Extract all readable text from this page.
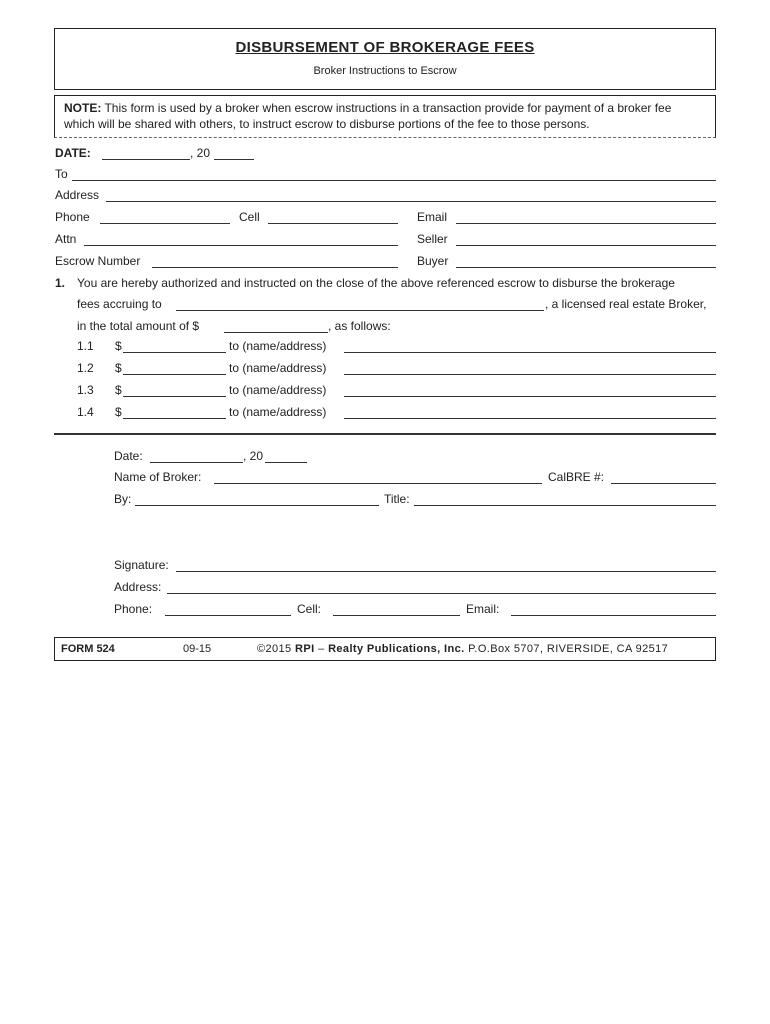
DISBURSEMENT OF BROKERAGE FEES
Broker Instructions to Escrow
NOTE: This form is used by a broker when escrow instructions in a transaction provide for payment of a broker fee
which will be shared with others, to instruct escrow to disburse portions of the fee to those persons.
DATE:	, 20
To
Address
Phone	Cell	Email
Attn	Seller
Escrow Number	Buyer
1. You are hereby authorized and instructed on the close of the above referenced escrow to disburse the brokerage
fees accruing to	, a licensed real estate Broker,
in the total amount of $	, as follows:
1.1 $	to (name/address)
1.2 $	to (name/address)
1.3 $	to (name/address)
1.4 $	to (name/address)
Date:	, 20
Name of Broker:	CalBRE #:
By:	Title:
Signature:
Address:
Phone:	Cell:	Email:
FORM 524	09-15	©2015 RPI – Realty Publications, Inc. P.O.Box 5707, RIVERSIDE, CA 92517
